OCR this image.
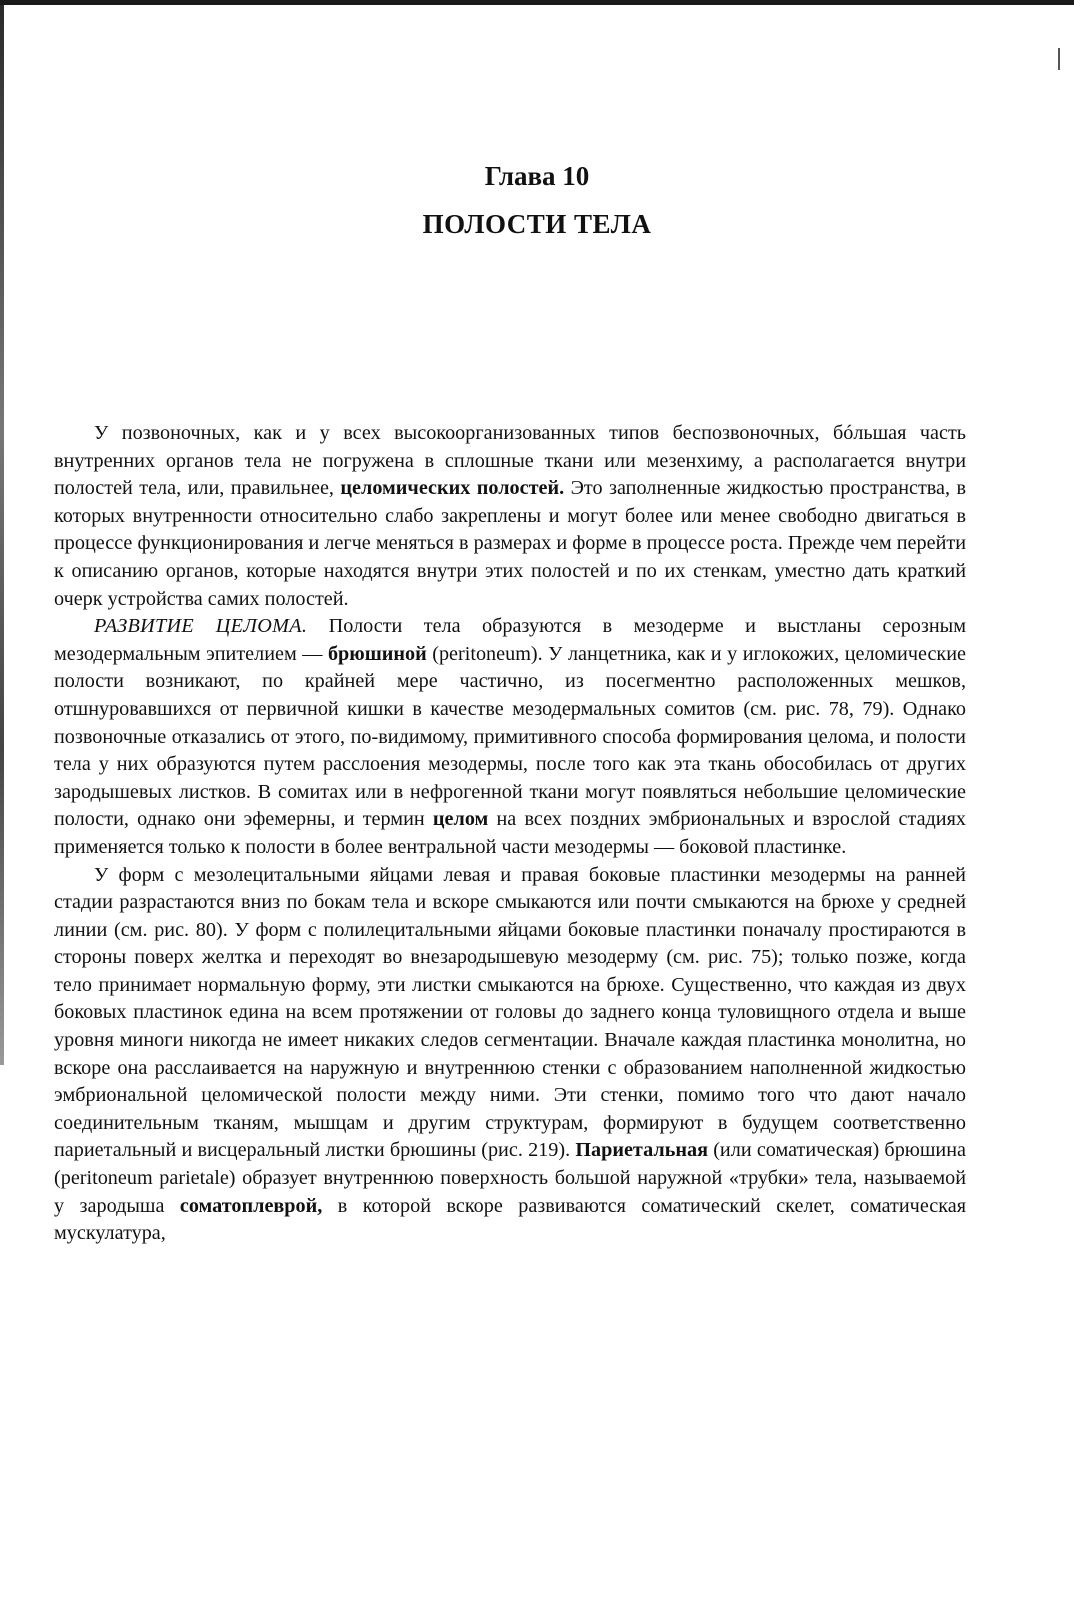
Глава 10
ПОЛОСТИ ТЕЛА

У позвоночных, как и у всех высокоорганизованных типов беспозвоночных, бóльшая часть внутренних органов тела не погружена в сплошные ткани или мезенхиму, а располагается внутри полостей тела, или, правильнее, целомических полостей. Это заполненные жидкостью пространства, в которых внутренности относительно слабо закреплены и могут более или менее свободно двигаться в процессе функционирования и легче меняться в размерах и форме в процессе роста. Прежде чем перейти к описанию органов, которые находятся внутри этих полостей и по их стенкам, уместно дать краткий очерк устройства самих полостей.

РАЗВИТИЕ ЦЕЛОМА. Полости тела образуются в мезодерме и выстланы серозным мезодермальным эпителием — брюшиной (peritoneum). У ланцетника, как и у иглокожих, целомические полости возникают, по крайней мере частично, из посегментно расположенных мешков, отшнуровавшихся от первичной кишки в качестве мезодермальных сомитов (см. рис. 78, 79). Однако позвоночные отказались от этого, по-видимому, примитивного способа формирования целома, и полости тела у них образуются путем расслоения мезодермы, после того как эта ткань обособилась от других зародышевых листков. В сомитах или в нефрогенной ткани могут появляться небольшие целомические полости, однако они эфемерны, и термин целом на всех поздних эмбриональных и взрослой стадиях применяется только к полости в более вентральной части мезодермы — боковой пластинке.

У форм с мезолецитальными яйцами левая и правая боковые пластинки мезодермы на ранней стадии разрастаются вниз по бокам тела и вскоре смыкаются или почти смыкаются на брюхе у средней линии (см. рис. 80). У форм с полилецитальными яйцами боковые пластинки поначалу простираются в стороны поверх желтка и переходят во внезародышевую мезодерму (см. рис. 75); только позже, когда тело принимает нормальную форму, эти листки смыкаются на брюхе. Существенно, что каждая из двух боковых пластинок едина на всем протяжении от головы до заднего конца туловищного отдела и выше уровня миноги никогда не имеет никаких следов сегментации. Вначале каждая пластинка монолитна, но вскоре она расслаивается на наружную и внутреннюю стенки с образованием наполненной жидкостью эмбриональной целомической полости между ними. Эти стенки, помимо того что дают начало соединительным тканям, мышцам и другим структурам, формируют в будущем соответственно париетальный и висцеральный листки брюшины (рис. 219). Париетальная (или соматическая) брюшина (peritoneum parietale) образует внутреннюю поверхность большой наружной «трубки» тела, называемой у зародыша соматоплеврой, в которой вскоре развиваются соматический скелет, соматическая мускулатура,
